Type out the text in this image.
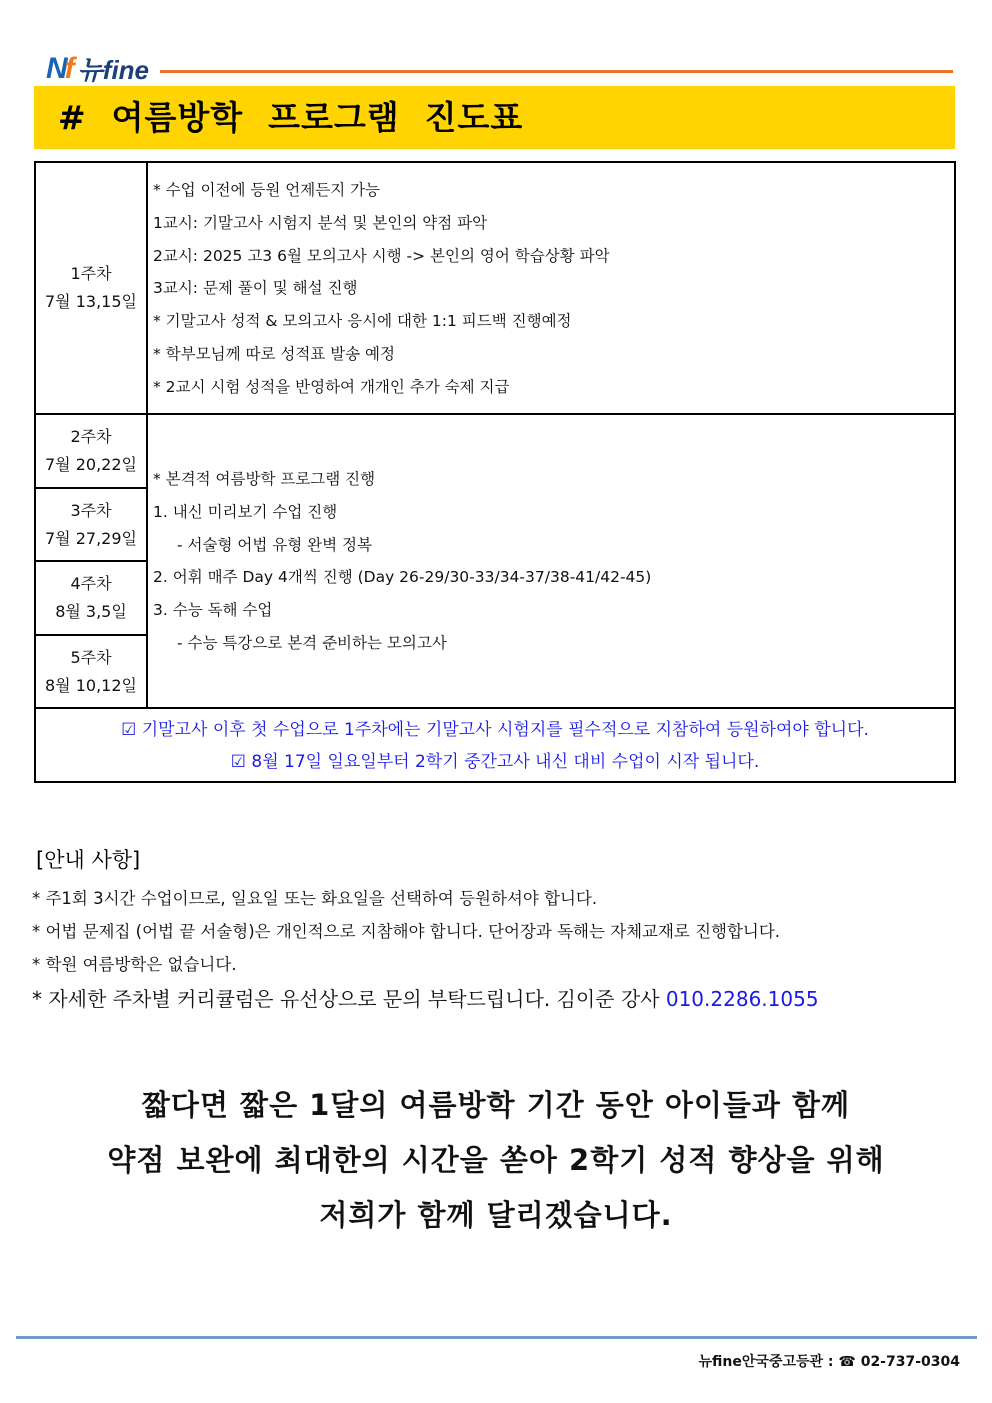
Nf 뉴fine
#  여름방학  프로그램  진도표
1주차
7월 13,15일

* 수업 이전에 등원 언제든지 가능

1교시: 기말고사 시험지 분석 및 본인의 약점 파악

2교시: 2025 고3 6월 모의고사 시행 -> 본인의 영어 학습상황 파악

3교시: 문제 풀이 및 해설 진행

* 기말고사 성적 & 모의고사 응시에 대한 1:1 피드백 진행예정

* 학부모님께 따로 성적표 발송 예정

* 2교시 시험 성적을 반영하여 개개인 추가 숙제 지급

2주차
7월 20,22일
3주차
7월 27,29일
4주차
8월 3,5일
5주차
8월 10,12일

* 본격적 여름방학 프로그램 진행

1. 내신 미리보기 수업 진행

- 서술형 어법 유형 완벽 정복

2. 어휘 매주 Day 4개씩 진행 (Day 26-29/30-33/34-37/38-41/42-45)

3. 수능 독해 수업

- 수능 특강으로 본격 준비하는 모의고사

☑ 기말고사 이후 첫 수업으로 1주차에는 기말고사 시험지를 필수적으로 지참하여 등원하여야 합니다.

☑ 8월 17일 일요일부터 2학기 중간고사 내신 대비 수업이 시작 됩니다.

[안내 사항]

* 주1회 3시간 수업이므로, 일요일 또는 화요일을 선택하여 등원하셔야 합니다.

* 어법 문제집 (어법 끝 서술형)은 개인적으로 지참해야 합니다. 단어장과 독해는 자체교재로 진행합니다.

* 학원 여름방학은 없습니다.

* 자세한 주차별 커리큘럼은 유선상으로 문의 부탁드립니다. 김이준 강사 010.2286.1055

짧다면 짧은 1달의 여름방학 기간 동안 아이들과 함께

약점 보완에 최대한의 시간을 쏟아 2학기 성적 향상을 위해

저희가 함께 달리겠습니다.

뉴fine안국중고등관 : ☎ 02-737-0304
